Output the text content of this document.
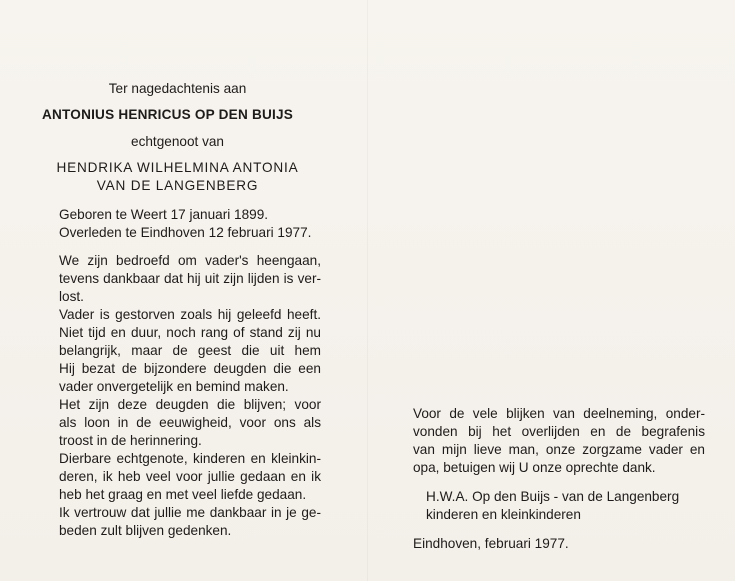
Ter nagedachtenis aan
ANTONIUS HENRICUS OP DEN BUIJS
echtgenoot van
HENDRIKA WILHELMINA ANTONIA
VAN DE LANGENBERG
Geboren te Weert 17 januari 1899.
Overleden te Eindhoven 12 februari 1977.
We zijn bedroefd om vader's heengaan,
tevens dankbaar dat hij uit zijn lijden is ver-
lost.
Vader is gestorven zoals hij geleefd heeft.
Niet tijd en duur, noch rang of stand zij nu
belangrijk, maar de geest die uit hem
Hij bezat de bijzondere deugden die een
vader onvergetelijk en bemind maken.
Het zijn deze deugden die blijven; voor
als loon in de eeuwigheid, voor ons als
troost in de herinnering.
Dierbare echtgenote, kinderen en kleinkin-
deren, ik heb veel voor jullie gedaan en ik
heb het graag en met veel liefde gedaan.
Ik vertrouw dat jullie me dankbaar in je ge-
beden zult blijven gedenken.
Voor de vele blijken van deelneming, onder-
vonden bij het overlijden en de begrafenis
van mijn lieve man, onze zorgzame vader en
opa, betuigen wij U onze oprechte dank.
H.W.A. Op den Buijs - van de Langenberg
kinderen en kleinkinderen
Eindhoven, februari 1977.
